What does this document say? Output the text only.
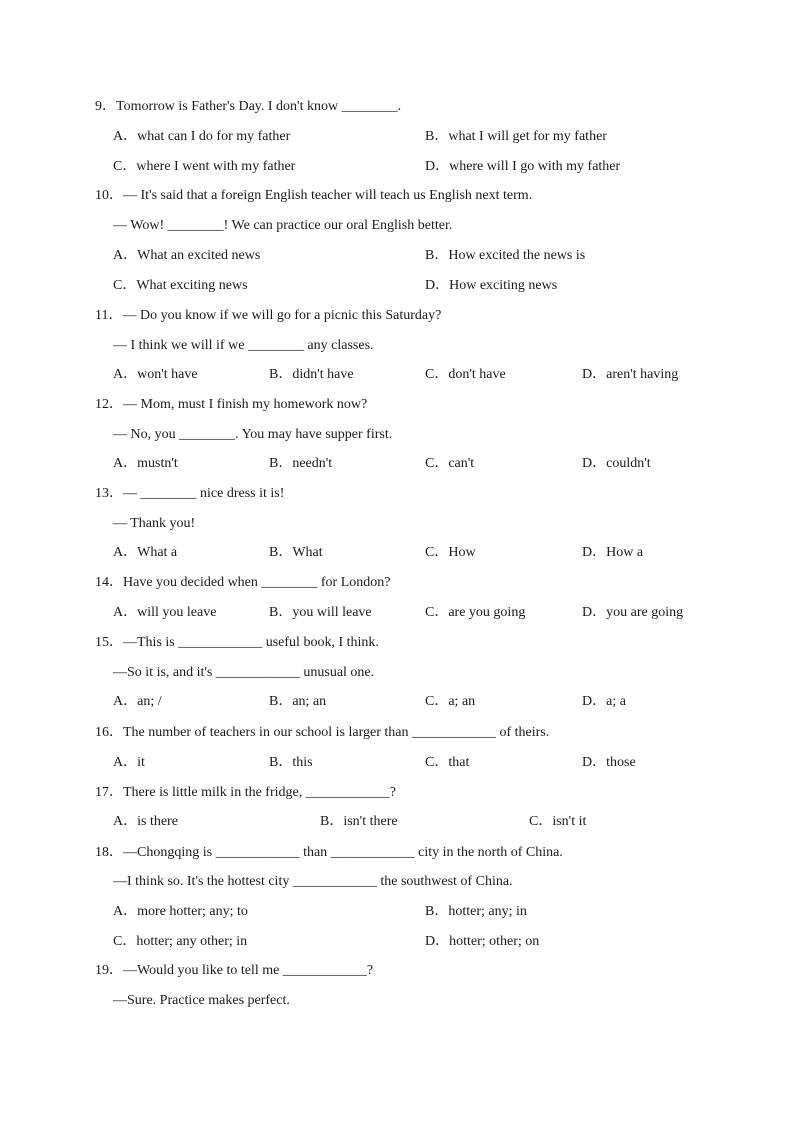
9．Tomorrow is Father's Day. I don't know ________.
A．what can I do for my father	B．what I will get for my father
C．where I went with my father	D．where will I go with my father
10．— It's said that a foreign English teacher will teach us English next term.
— Wow! ________! We can practice our oral English better.
A．What an excited news	B．How excited the news is
C．What exciting news	D．How exciting news
11．— Do you know if we will go for a picnic this Saturday?
— I think we will if we ________ any classes.
A．won't have	B．didn't have	C．don't have	D．aren't having
12．— Mom, must I finish my homework now?
— No, you ________. You may have supper first.
A．mustn't	B．needn't	C．can't	D．couldn't
13．— ________ nice dress it is!
— Thank you!
A．What a	B．What	C．How	D．How a
14．Have you decided when ________ for London?
A．will you leave	B．you will leave	C．are you going	D．you are going
15．—This is ____________ useful book, I think.
—So it is, and it's ____________ unusual one.
A．an; /	B．an; an	C．a; an	D．a; a
16．The number of teachers in our school is larger than ____________ of theirs.
A．it	B．this	C．that	D．those
17．There is little milk in the fridge, ____________?
A．is there	B．isn't there	C．isn't it
18．—Chongqing is ____________ than ____________ city in the north of China.
—I think so. It's the hottest city ____________ the southwest of China.
A．more hotter; any; to	B．hotter; any; in
C．hotter; any other; in	D．hotter; other; on
19．—Would you like to tell me ____________?
—Sure. Practice makes perfect.
